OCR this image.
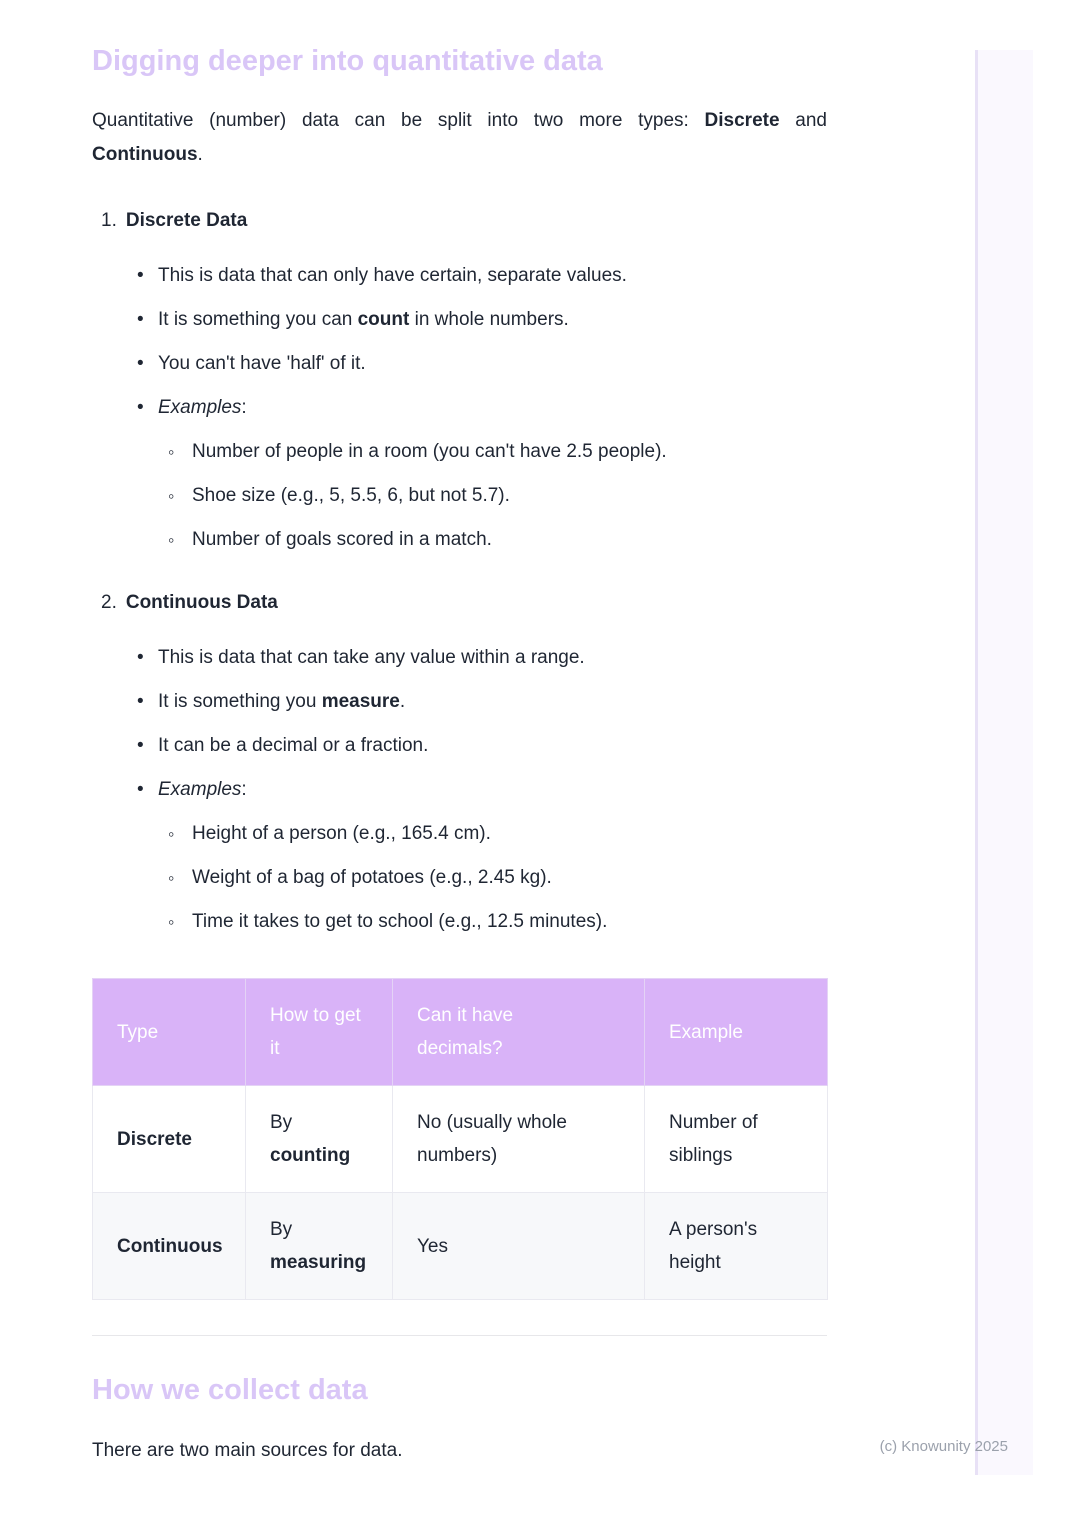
Digging deeper into quantitative data

Quantitative (number) data can be split into two more types: Discrete and Continuous.

1. Discrete Data
• This is data that can only have certain, separate values.
• It is something you can count in whole numbers.
• You can't have 'half' of it.
• Examples:
◦ Number of people in a room (you can't have 2.5 people).
◦ Shoe size (e.g., 5, 5.5, 6, but not 5.7).
◦ Number of goals scored in a match.
2. Continuous Data
• This is data that can take any value within a range.
• It is something you measure.
• It can be a decimal or a fraction.
• Examples:
◦ Height of a person (e.g., 165.4 cm).
◦ Weight of a bag of potatoes (e.g., 2.45 kg).
◦ Time it takes to get to school (e.g., 12.5 minutes).
Type	How to get it	Can it have decimals?	Example
Discrete	By counting	No (usually whole numbers)	Number of siblings
Continuous	By measuring	Yes	A person's height
How we collect data

There are two main sources for data.	(c) Knowunity 2025
